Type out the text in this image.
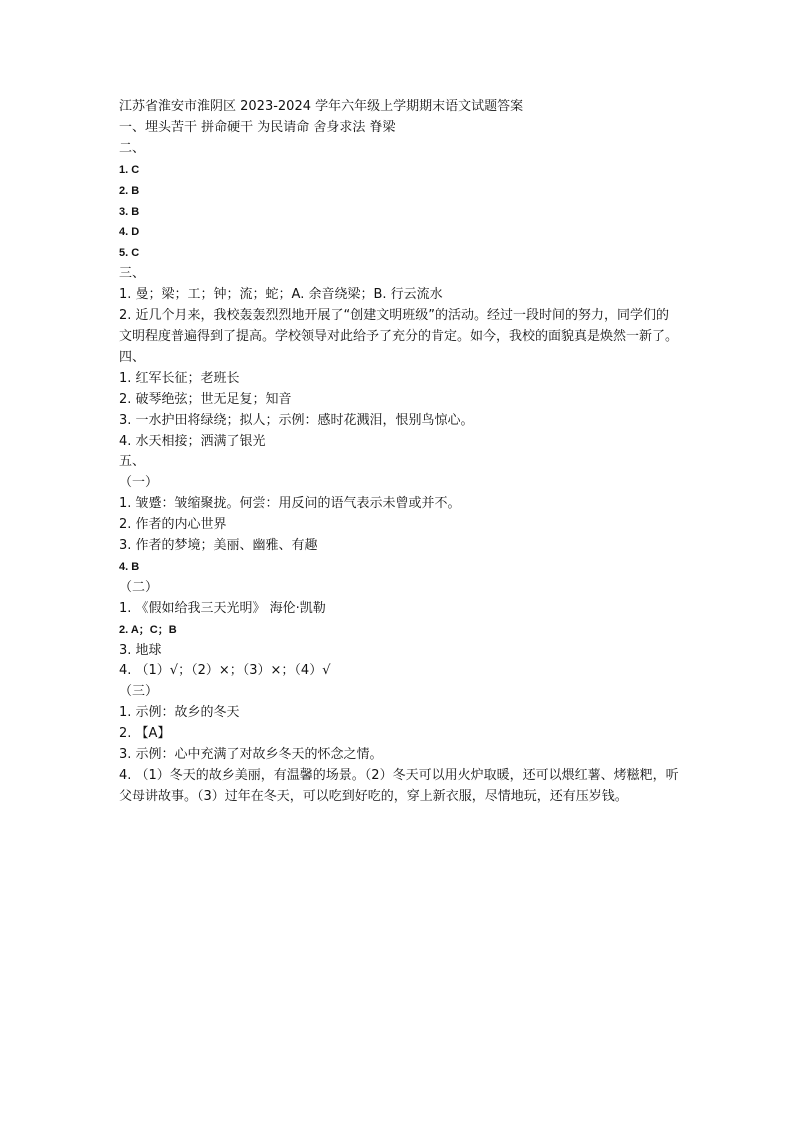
江苏省淮安市淮阴区 2023-2024 学年六年级上学期期末语文试题答案

一、埋头苦干 拼命硬干 为民请命 舍身求法 脊梁

二、

1. C

2. B

3. B

4. D

5. C

三、

1. 曼；梁；工；钟；流；蛇；A. 余音绕梁；B. 行云流水

2. 近几个月来，我校轰轰烈烈地开展了“创建文明班级”的活动。经过一段时间的努力，同学们的文明程度普遍得到了提高。学校领导对此给予了充分的肯定。如今，我校的面貌真是焕然一新了。

四、

1. 红军长征；老班长

2. 破琴绝弦；世无足复；知音

3. 一水护田将绿绕；拟人；示例：感时花溅泪，恨别鸟惊心。

4. 水天相接；洒满了银光

五、

（一）

1. 皱蹙：皱缩聚拢。何尝：用反问的语气表示未曾或并不。

2. 作者的内心世界

3. 作者的梦境；美丽、幽雅、有趣

4. B

（二）

1. 《假如给我三天光明》 海伦·凯勒

2. A；C；B

3. 地球

4. （1）√；（2）×；（3）×；（4）√

（三）

1. 示例：故乡的冬天

2. 【A】

3. 示例：心中充满了对故乡冬天的怀念之情。

4. （1）冬天的故乡美丽，有温馨的场景。（2）冬天可以用火炉取暖，还可以煨红薯、烤糍粑，听父母讲故事。（3）过年在冬天，可以吃到好吃的，穿上新衣服，尽情地玩，还有压岁钱。
